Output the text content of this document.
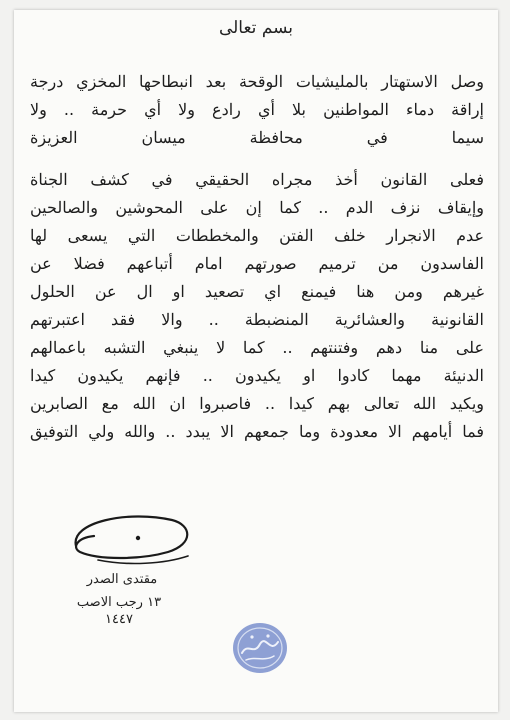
بسم تعالى
وصل الاستهتار بالمليشيات الوقحة بعد انبطاحها المخزي درجة
إراقة دماء المواطنين بلا أي رادع ولا أي حرمة .. ولا
سيما في محافظة ميسان العزيزة
فعلى القانون أخذ مجراه الحقيقي في كشف الجناة
وإيقاف نزف الدم .. كما إن على المحوشين والصالحين
عدم الانجرار خلف الفتن والمخططات التي يسعى لها
الفاسدون من ترميم صورتهم امام أتباعهم فضلا عن
غيرهم ومن هنا فيمنع اي تصعيد او ال عن الحلول
القانونية والعشائرية المنضبطة .. والا فقد اعتبرتهم
على منا دهم وفتنتهم .. كما لا ينبغي التشبه باعمالهم
الدنيئة مهما كادوا او يكيدون .. فإنهم يكيدون كيدا
ويكيد الله تعالى بهم كيدا .. فاصبروا ان الله مع الصابرين
فما أيامهم الا معدودة وما جمعهم الا يبدد .. والله ولي التوفيق
مقتدى الصدر
١٣ رجب الاصب
١٤٤٧
